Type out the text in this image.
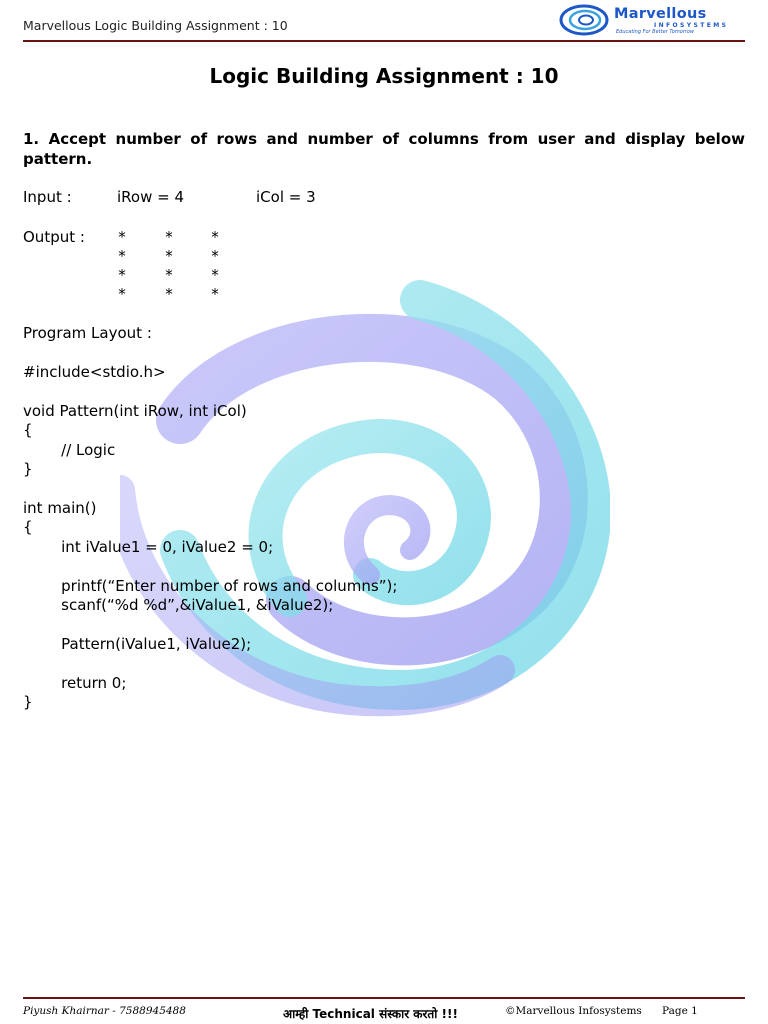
Marvellous Logic Building Assignment : 10
Marvellous
INFOSYSTEMS
Educating For Better Tomorrow
Logic Building Assignment : 10
1. Accept number of rows and number of columns from user and display below pattern.
Input :	iRow = 4	iCol = 3
Output : *	*	*
*	*	*
*	*	*
*	*	*
Program Layout :
#include<stdio.h>
void Pattern(int iRow, int iCol)
{
// Logic
}
int main()
{
int iValue1 = 0, iValue2 = 0;

printf(“Enter number of rows and columns”);
scanf(“%d %d”,&iValue1, &iValue2);

Pattern(iValue1, iValue2);

return 0;
}
Piyush Khairnar - 7588945488	आम्ही Technical संस्कार करतो !!!	©Marvellous Infosystems Page 1
